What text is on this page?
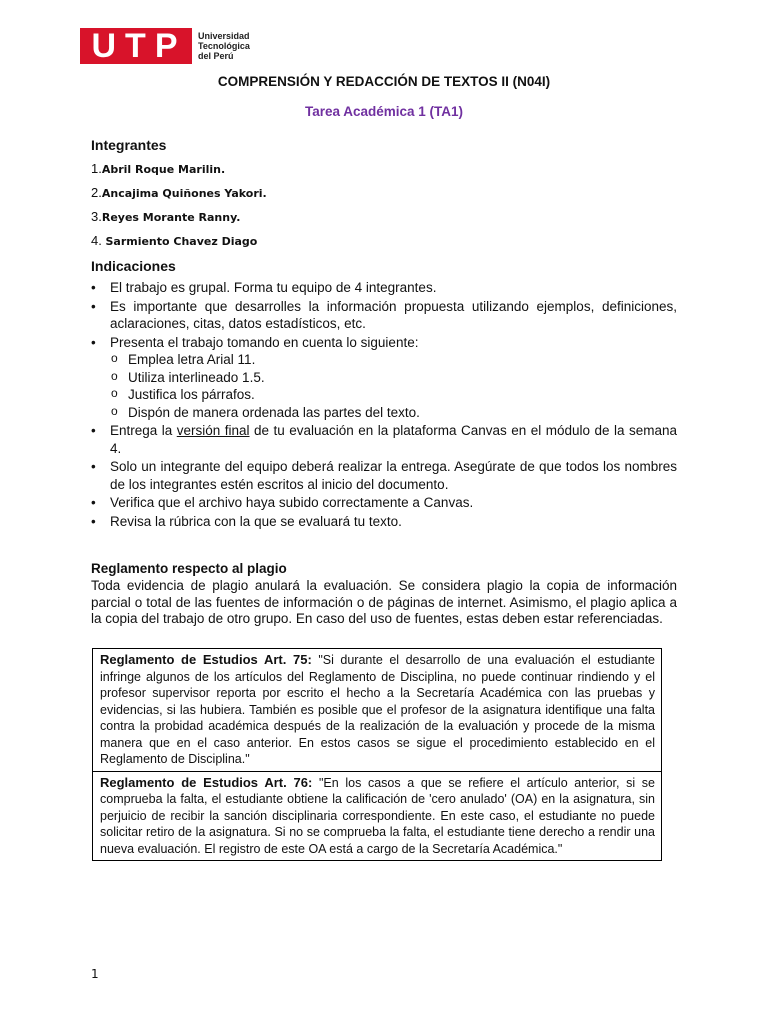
UTP	Universidad
Tecnológica
del Perú
COMPRENSIÓN Y REDACCIÓN DE TEXTOS II (N04I)
Tarea Académica 1 (TA1)
Integrantes
1.Abril Roque Marilin.
2.Ancajima Quiñones Yakori.
3.Reyes Morante Ranny.
4. Sarmiento Chavez Diago
Indicaciones
• El trabajo es grupal. Forma tu equipo de 4 integrantes.
• Es importante que desarrolles la información propuesta utilizando ejemplos, definiciones, aclaraciones, citas, datos estadísticos, etc.
• Presenta el trabajo tomando en cuenta lo siguiente:
o Emplea letra Arial 11.
o Utiliza interlineado 1.5.
o Justifica los párrafos.
o Dispón de manera ordenada las partes del texto.
• Entrega la versión final de tu evaluación en la plataforma Canvas en el módulo de la semana 4.
• Solo un integrante del equipo deberá realizar la entrega. Asegúrate de que todos los nombres de los integrantes estén escritos al inicio del documento.
• Verifica que el archivo haya subido correctamente a Canvas.
• Revisa la rúbrica con la que se evaluará tu texto.
Reglamento respecto al plagio

Toda evidencia de plagio anulará la evaluación. Se considera plagio la copia de información parcial o total de las fuentes de información o de páginas de internet. Asimismo, el plagio aplica a la copia del trabajo de otro grupo. En caso del uso de fuentes, estas deben estar referenciadas.

Reglamento de Estudios Art. 75: "Si durante el desarrollo de una evaluación el estudiante infringe algunos de los artículos del Reglamento de Disciplina, no puede continuar rindiendo y el profesor supervisor reporta por escrito el hecho a la Secretaría Académica con las pruebas y evidencias, si las hubiera. También es posible que el profesor de la asignatura identifique una falta contra la probidad académica después de la realización de la evaluación y procede de la misma manera que en el caso anterior. En estos casos se sigue el procedimiento establecido en el Reglamento de Disciplina."
Reglamento de Estudios Art. 76: "En los casos a que se refiere el artículo anterior, si se comprueba la falta, el estudiante obtiene la calificación de 'cero anulado' (OA) en la asignatura, sin perjuicio de recibir la sanción disciplinaria correspondiente. En este caso, el estudiante no puede solicitar retiro de la asignatura. Si no se comprueba la falta, el estudiante tiene derecho a rendir una nueva evaluación. El registro de este OA está a cargo de la Secretaría Académica."
1
